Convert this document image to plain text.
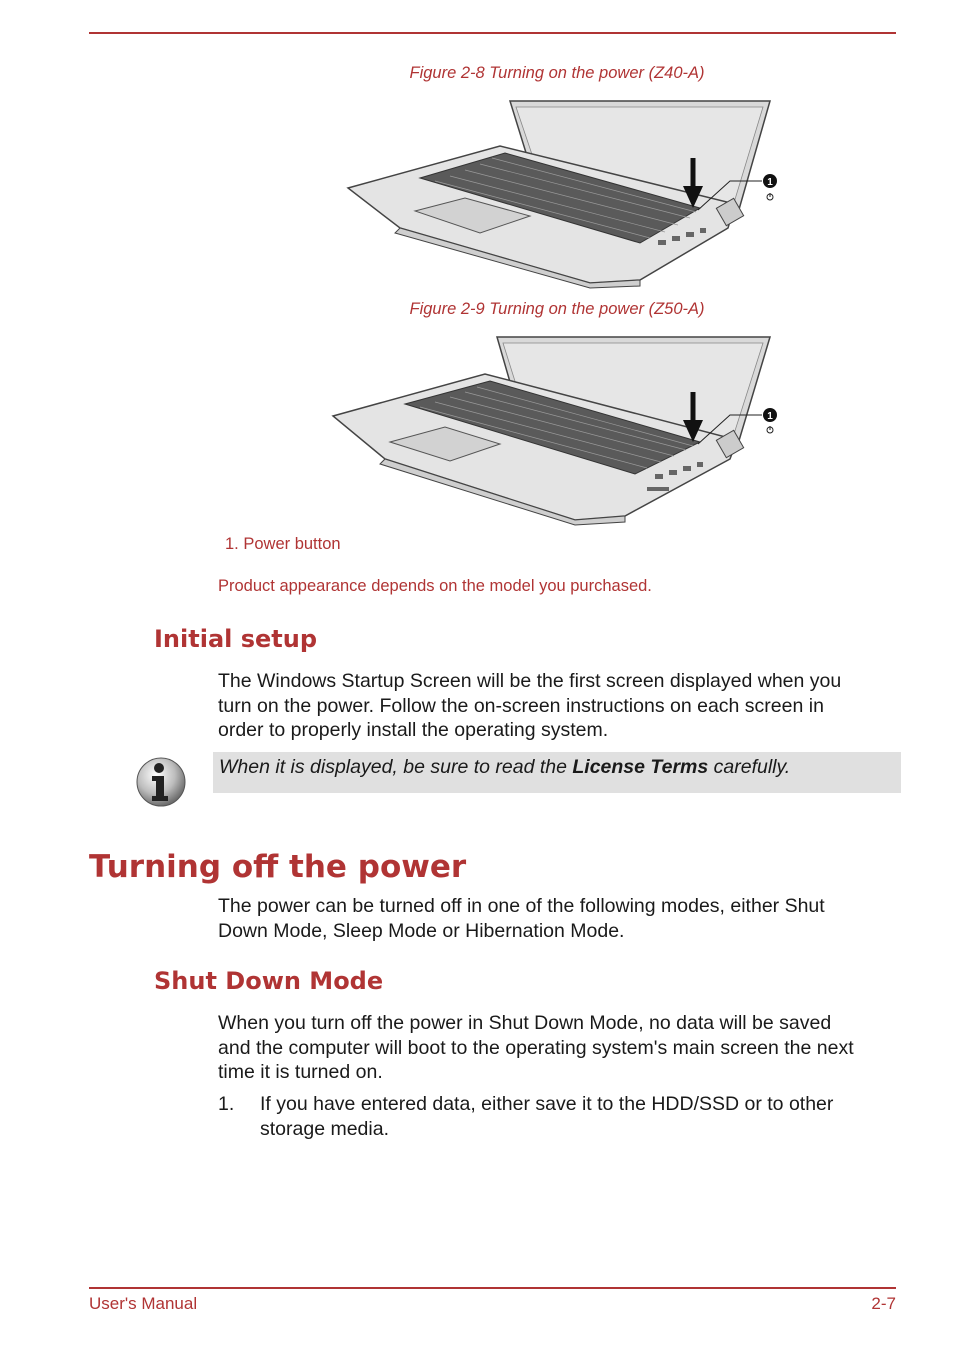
Figure 2-8 Turning on the power (Z40-A)
1
Figure 2-9 Turning on the power (Z50-A)
1
1. Power button
Product appearance depends on the model you purchased.
Initial setup
The Windows Startup Screen will be the first screen displayed when you
turn on the power. Follow the on-screen instructions on each screen in
order to properly install the operating system.
When it is displayed, be sure to read the License Terms carefully.
Turning off the power
The power can be turned off in one of the following modes, either Shut
Down Mode, Sleep Mode or Hibernation Mode.
Shut Down Mode
When you turn off the power in Shut Down Mode, no data will be saved
and the computer will boot to the operating system's main screen the next
time it is turned on.
1. If you have entered data, either save it to the HDD/SSD or to other
storage media.
User's Manual	2-7
